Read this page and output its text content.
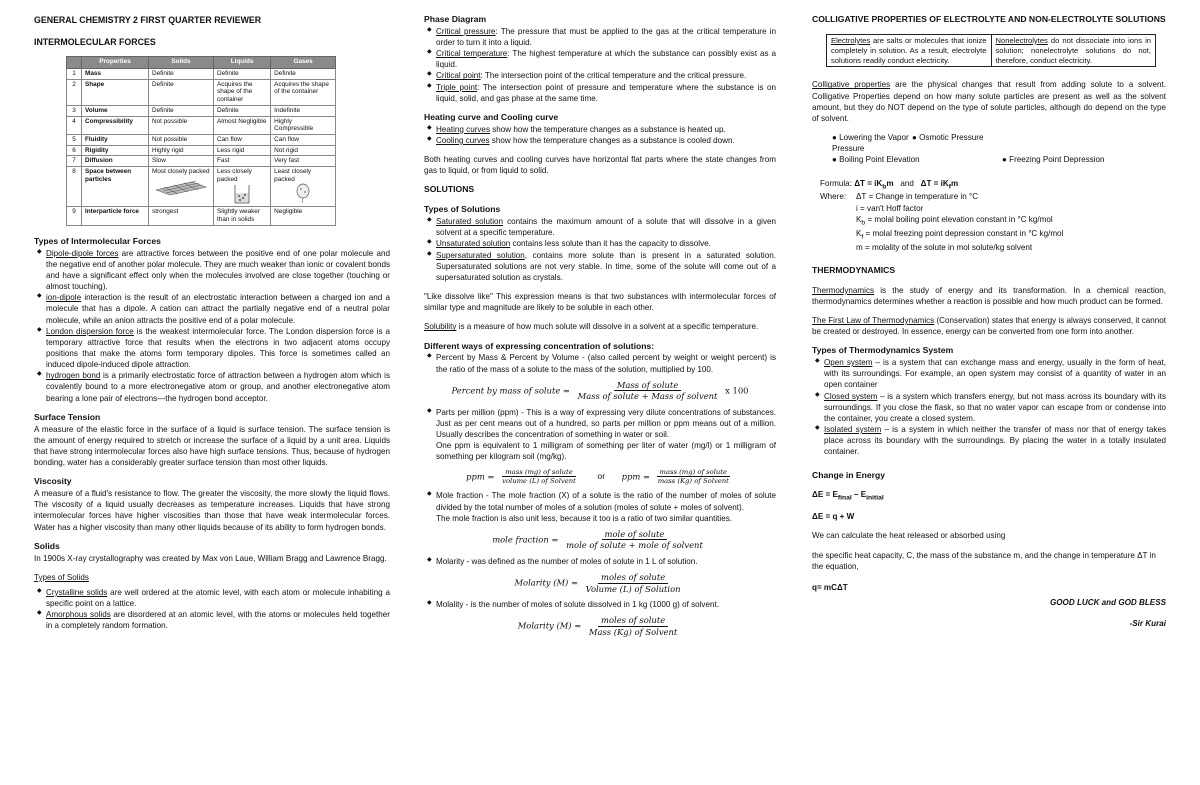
GENERAL CHEMISTRY 2 FIRST QUARTER REVIEWER

INTERMOLECULAR FORCES

	Properties	Solids	Liquids	Gases
1	Mass	Definite	Definite	Definite
2	Shape	Definite	Acquires the shape of the container	Acquires the shape of the container
3	Volume	Definite	Definite	Indefinite
4	Compressibility	Not possible	Almost Negligible	Highly Compressible
5	Fluidity	Not possible	Can flow	Can flow
6	Rigidity	Highly rigid	Less rigid	Not rigid
7	Diffusion	Slow	Fast	Very fast
8	Space between particles	Most closely packed	Less closely packed	Least closely packed

9	Interparticle force	strongest	Slightly weaker than in solids	Negligible

Types of Intermolecular Forces

◆ Dipole-dipole forces are attractive forces between the positive end of one polar molecule and the negative end of another polar molecule. They are much weaker than ionic or covalent bonds and have a significant effect only when the molecules involved are close together (touching or almost touching).
◆ ion-dipole interaction is the result of an electrostatic interaction between a charged ion and a molecule that has a dipole. A cation can attract the partially negative end of a neutral polar molecule, while an anion attracts the positive end of a polar molecule.
◆ London dispersion force is the weakest intermolecular force. The London dispersion force is a temporary attractive force that results when the electrons in two adjacent atoms occupy positions that make the atoms form temporary dipoles. This force is sometimes called an induced dipole-induced dipole attraction.
◆ hydrogen bond is a primarily electrostatic force of attraction between a hydrogen atom which is covalently bound to a more electronegative atom or group, and another electronegative atom bearing a lone pair of electrons—the hydrogen bond acceptor.

Surface Tension

A measure of the elastic force in the surface of a liquid is surface tension. The surface tension is the amount of energy required to stretch or increase the surface of a liquid by a unit area. Liquids that have strong intermolecular forces also have high surface tensions. Thus, because of hydrogen bonding, water has a considerably greater surface tension than most other liquids.

Viscosity

A measure of a fluid's resistance to flow. The greater the viscosity, the more slowly the liquid flows. The viscosity of a liquid usually decreases as temperature increases. Liquids that have strong intermolecular forces have higher viscosities than those that have weak intermolecular forces. Water has a higher viscosity than many other liquids because of its ability to form hydrogen bonds.

Solids

In 1900s X-ray crystallography was created by Max von Laue, William Bragg and Lawrence Bragg.

Types of Solids

◆ Crystalline solids are well ordered at the atomic level, with each atom or molecule inhabiting a specific point on a lattice.
◆ Amorphous solids are disordered at an atomic level, with the atoms or molecules held together in a completely random formation.

Phase Diagram

◆ Critical pressure: The pressure that must be applied to the gas at the critical temperature in order to turn it into a liquid.
◆ Critical temperature: The highest temperature at which the substance can possibly exist as a liquid.
◆ Critical point: The intersection point of the critical temperature and the critical pressure.
◆ Triple point: The intersection point of pressure and temperature where the substance is on liquid, solid, and gas phase at the same time.

Heating curve and Cooling curve

◆ Heating curves show how the temperature changes as a substance is heated up.
◆ Cooling curves show how the temperature changes as a substance is cooled down.

Both heating curves and cooling curves have horizontal flat parts where the state changes from gas to liquid, or from liquid to solid.

SOLUTIONS

Types of Solutions

◆ Saturated solution contains the maximum amount of a solute that will dissolve in a given solvent at a specific temperature.
◆ Unsaturated solution contains less solute than it has the capacity to dissolve.
◆ Supersaturated solution, contains more solute than is present in a saturated solution. Supersaturated solutions are not very stable. In time, some of the solute will come out of a supersaturated solution as crystals.

"Like dissolve like" This expression means is that two substances with intermolecular forces of similar type and magnitude are likely to be soluble in each other.

Solubility is a measure of how much solute will dissolve in a solvent at a specific temperature.

Different ways of expressing concentration of solutions:

◆ Percent by Mass & Percent by Volume - (also called percent by weight or weight percent) is the ratio of the mass of a solute to the mass of the solution, multiplied by 100.
Percent by mass of solute = $\frac{\text{Mass of solute}}{\text{Mass of solute + Mass of solvent}}$ x 100
◆ Parts per million (ppm) - This is a way of expressing very dilute concentrations of substances. Just as per cent means out of a hundred, so parts per million or ppm means out of a million. Usually describes the concentration of something in water or soil.

One ppm is equivalent to 1 milligram of something per liter of water (mg/l) or 1 milligram of something per kilogram soil (mg/kg).

ppm = $\frac{\text{mass (mg) of solute}}{\text{volume (L) of Solvent}}$ or ppm = $\frac{\text{mass (mg) of solute}}{\text{mass (Kg) of Solvent}}$
◆ Mole fraction - The mole fraction (X) of a solute is the ratio of the number of moles of solute divided by the total number of moles of a solution (moles of solute + moles of solvent).

The mole fraction is also unit less, because it too is a ratio of two similar quantities.

mole fraction = $\frac{\text{mole of solute}}{\text{mole of solute + mole of solvent}}$
◆ Molarity - was defined as the number of moles of solute in 1 L of solution.
Molarity $(M) = \frac{\text{moles of solute}}{\text{Volume (L) of Solution}}$
◆ Molality - is the number of moles of solute dissolved in 1 kg (1000 g) of solvent.
Molarity $(M) = \frac{\text{moles of solute}}{\text{Mass (Kg) of Solvent}}$

COLLIGATIVE PROPERTIES OF ELECTROLYTE AND NON-ELECTROLYTE SOLUTIONS

Electrolytes are salts or molecules that ionize completely in solution. As a result, electrolyte solutions readily conduct electricity.	Nonelectrolytes do not dissociate into ions in solution; nonelectrolyte solutions do not, therefore, conduct electricity.

Colligative properties are the physical changes that result from adding solute to a solvent. Colligative Properties depend on how many solute particles are present as well as the solvent amount, but they do NOT depend on the type of solute particles, although do depend on the type of solvent.

● Lowering the Vapor Pressure
● Osmotic Pressure
● Boiling Point Elevation	● Freezing Point Depression

Formula: $\Delta T = iK_bm$ and $\Delta T = iK_fm$

Where:	ΔT = Change in temperature in °C

i = van't Hoff factor

$K_b$ = molal boiling point elevation constant in °C kg/mol

$K_f$ = molal freezing point depression constant in °C kg/mol

m = molality of the solute in mol solute/kg solvent

THERMODYNAMICS

Thermodynamics is the study of energy and its transformation. In a chemical reaction, thermodynamics determines whether a reaction is possible and how much product can be formed.

The First Law of Thermodynamics (Conservation) states that energy is always conserved, it cannot be created or destroyed. In essence, energy can be converted from one form into another.

Types of Thermodynamics System

◆ Open system – is a system that can exchange mass and energy, usually in the form of heat, with its surroundings. For example, an open system may consist of a quantity of water in an open container
◆ Closed system – is a system which transfers energy, but not mass across its boundary with its surroundings. If you close the flask, so that no water vapor can escape from or condense into the container, you create a closed system.
◆ Isolated system – is a system in which neither the transfer of mass nor that of energy takes place across its boundary with the surroundings. By placing the water in a totally insulated container.

Change in Energy

$\Delta E = E_{final} - E_{initial}$

ΔE = q + W

We can calculate the heat released or absorbed using

the specific heat capacity, C, the mass of the substance m, and the change in temperature ΔT in the equation,

q= mCΔT

GOOD LUCK and GOD BLESS

-Sir Kurai
